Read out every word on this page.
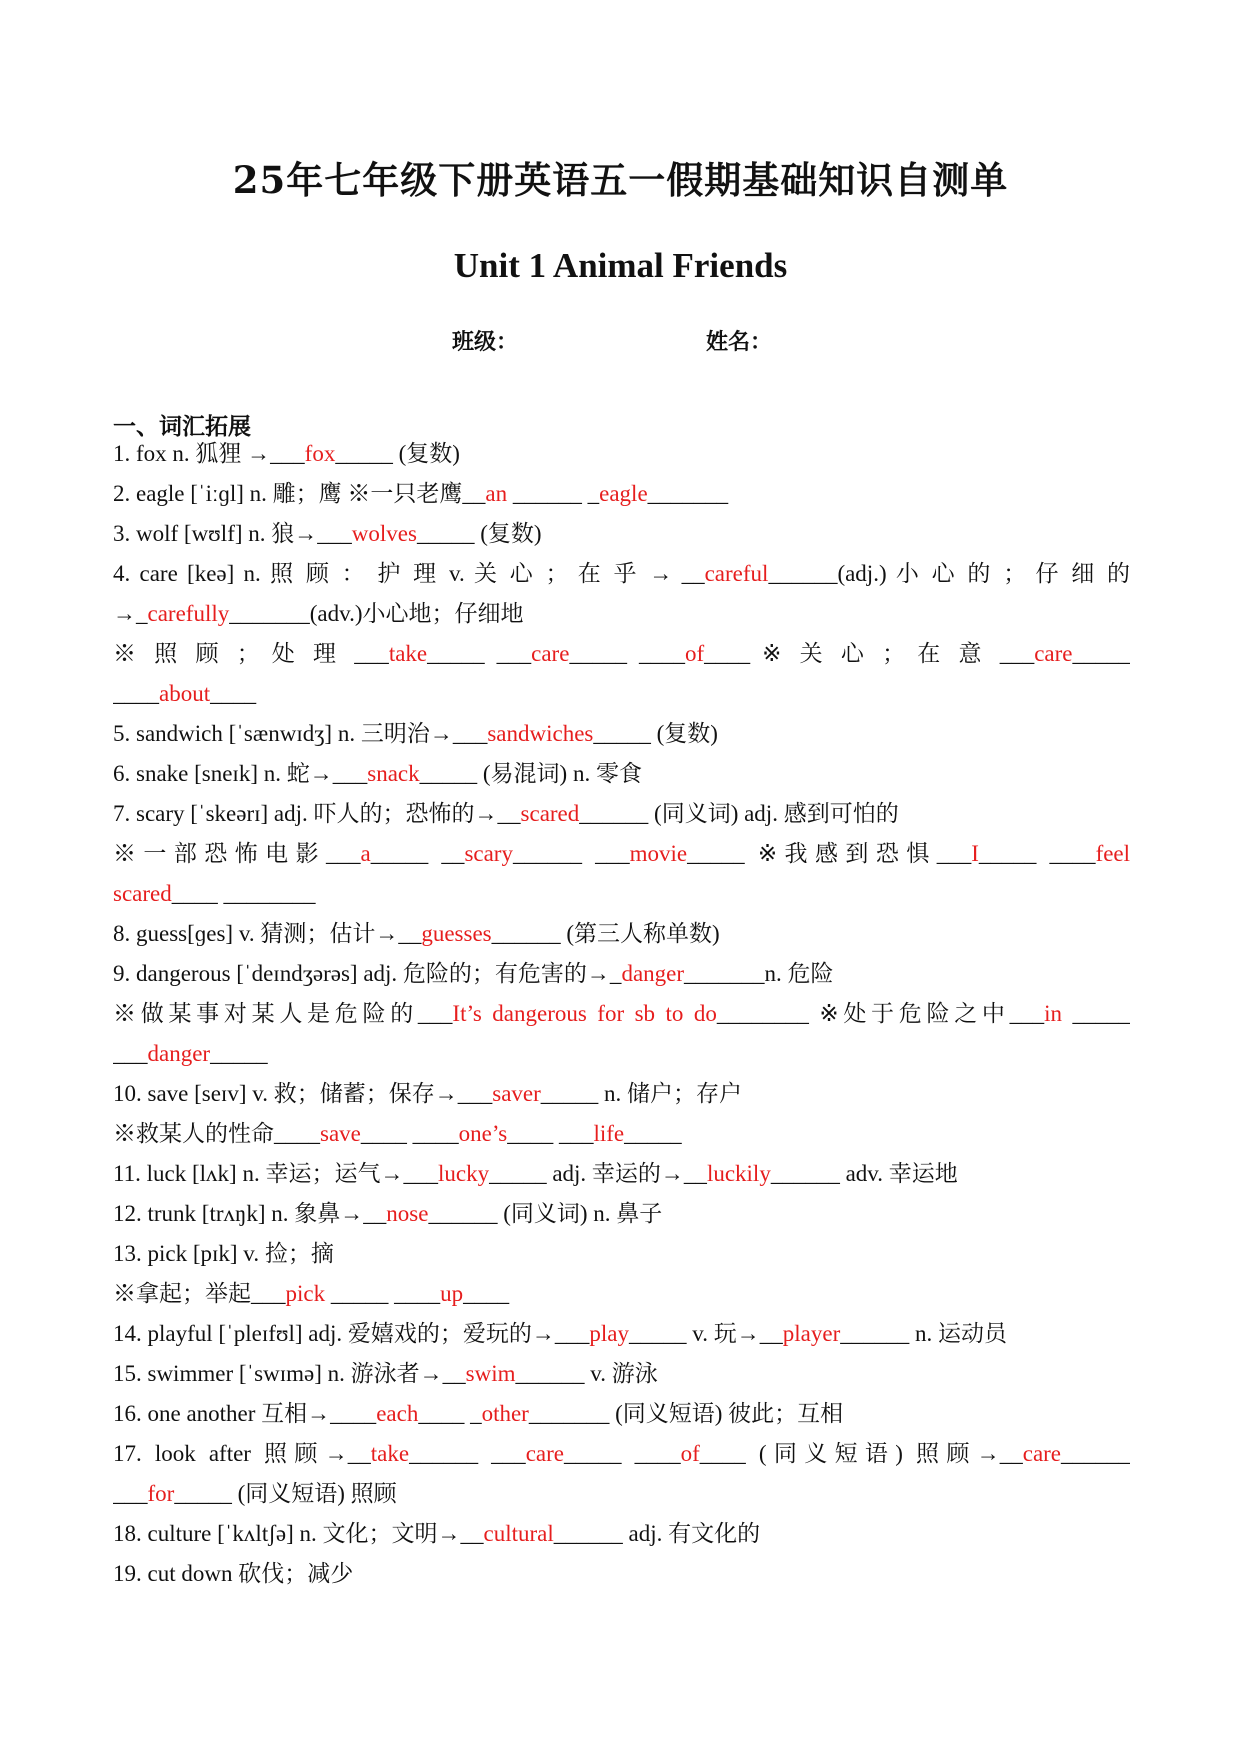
25年七年级下册英语五一假期基础知识自测单
Unit 1 Animal Friends
班级：	姓名：
一、词汇拓展
1. fox n. 狐狸 →___fox_____ (复数)
2. eagle [ˈiːɡl] n. 雕；鹰 ※一只老鹰__an ______ _eagle_______
3. wolf [wʊlf] n. 狼→___wolves_____ (复数)
4. care [keə] n. 照 顾 ： 护 理 v. 关 心 ； 在 乎 → __careful______(adj.) 小 心 的 ； 仔 细 的
→_carefully_______(adv.)小心地；仔细地
※ 照 顾 ； 处 理 ___take_____ ___care_____ ____of____ ※ 关 心 ； 在 意 ___care_____
____about____
5. sandwich [ˈsænwɪdʒ] n. 三明治→___sandwiches_____ (复数)
6. snake [sneɪk] n. 蛇→___snack_____ (易混词) n. 零食
7. scary [ˈskeərɪ] adj. 吓人的；恐怖的→__scared______ (同义词) adj. 感到可怕的
※一部恐怖电影___a_____ __scary______ ___movie_____ ※我感到恐惧___I_____ ____feel
scared____ ________
8. guess[ɡes] v. 猜测；估计→__guesses______ (第三人称单数)
9. dangerous [ˈdeɪndʒərəs] adj. 危险的；有危害的→_danger_______n. 危险
※做某事对某人是危险的___It’s dangerous for sb to do________ ※处于危险之中___in _____
___danger_____
10. save [seɪv] v. 救；储蓄；保存→___saver_____ n. 储户；存户
※救某人的性命____save____ ____one’s____ ___life_____
11. luck [lʌk] n. 幸运；运气→___lucky_____ adj. 幸运的→__luckily______ adv. 幸运地
12. trunk [trʌŋk] n. 象鼻→__nose______ (同义词) n. 鼻子
13. pick [pɪk] v. 捡；摘
※拿起；举起___pick _____ ____up____
14. playful [ˈpleɪfʊl] adj. 爱嬉戏的；爱玩的→___play_____ v. 玩→__player______ n. 运动员
15. swimmer [ˈswɪmə] n. 游泳者→__swim______ v. 游泳
16. one another 互相→____each____ _other_______ (同义短语) 彼此；互相
17. look after 照顾→__take______ ___care_____ ____of____ (同义短语) 照顾→__care______
___for_____ (同义短语) 照顾
18. culture [ˈkʌltʃə] n. 文化；文明→__cultural______ adj. 有文化的
19. cut down 砍伐；减少
